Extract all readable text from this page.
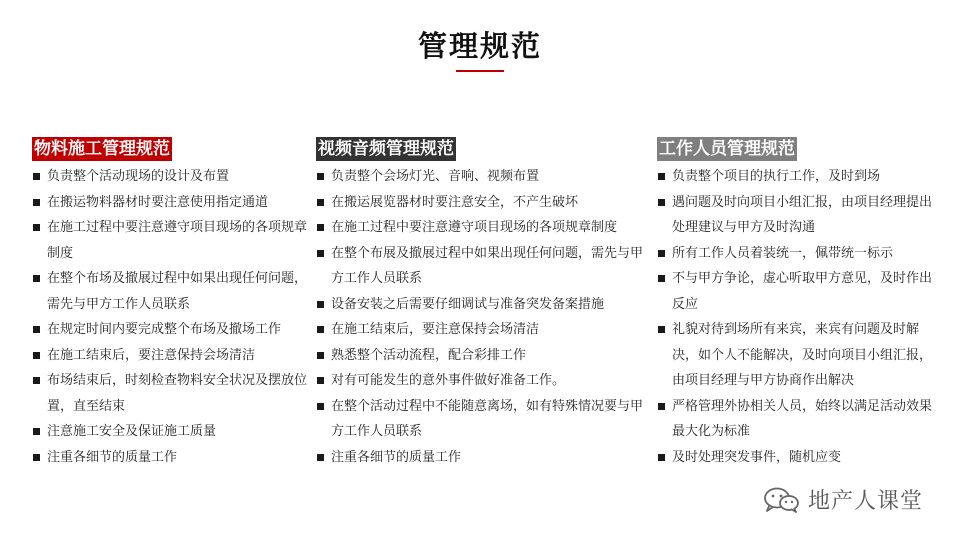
管理规范
物料施工管理规范
负责整个活动现场的设计及布置
在搬运物料器材时要注意使用指定通道
在施工过程中要注意遵守项目现场的各项规章制度
在整个布场及撤展过程中如果出现任何问题，需先与甲方工作人员联系
在规定时间内要完成整个布场及撤场工作
在施工结束后，要注意保持会场清洁
布场结束后，时刻检查物料安全状况及摆放位置，直至结束
注意施工安全及保证施工质量
注重各细节的质量工作
视频音频管理规范
负责整个会场灯光、音响、视频布置
在搬运展览器材时要注意安全，不产生破坏
在施工过程中要注意遵守项目现场的各项规章制度
在整个布展及撤展过程中如果出现任何问题，需先与甲方工作人员联系
设备安装之后需要仔细调试与准备突发备案措施
在施工结束后，要注意保持会场清洁
熟悉整个活动流程，配合彩排工作
对有可能发生的意外事件做好准备工作。
在整个活动过程中不能随意离场，如有特殊情况要与甲方工作人员联系
注重各细节的质量工作
工作人员管理规范
负责整个项目的执行工作，及时到场
遇问题及时向项目小组汇报，由项目经理提出处理建议与甲方及时沟通
所有工作人员着装统一，佩带统一标示
不与甲方争论，虚心听取甲方意见，及时作出反应
礼貌对待到场所有来宾，来宾有问题及时解决，如个人不能解决，及时向项目小组汇报，由项目经理与甲方协商作出解决
严格管理外协相关人员，始终以满足活动效果最大化为标准
及时处理突发事件，随机应变
地产人课堂
